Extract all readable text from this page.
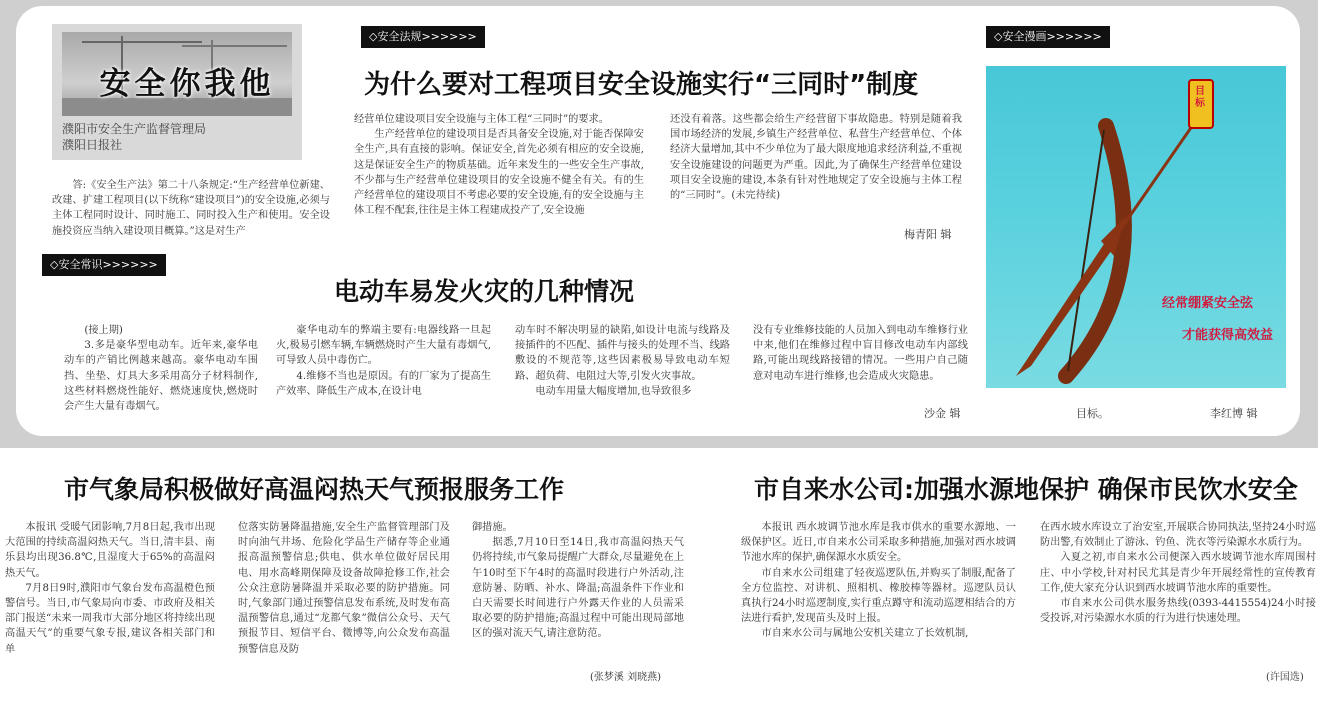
安全你我他
濮阳市安全生产监督管理局
濮阳日报社

答:《安全生产法》第二十八条规定:“生产经营单位新建、改建、扩建工程项目(以下统称“建设项目”)的安全设施,必须与主体工程同时设计、同时施工、同时投入生产和使用。安全设施投资应当纳入建设项目概算。”这是对生产

◇安全法规>>>>>>
为什么要对工程项目安全设施实行“三同时”制度

经营单位建设项目安全设施与主体工程“三同时”的要求。

生产经营单位的建设项目是否具备安全设施,对于能否保障安全生产,具有直接的影响。保证安全,首先必须有相应的安全设施,这是保证安全生产的物质基础。近年来发生的一些安全生产事故,不少都与生产经营单位建设项目的安全设施不健全有关。有的生产经营单位的建设项目不考虑必要的安全设施,有的安全设施与主体工程不配套,往往是主体工程建成投产了,安全设施

还没有着落。这些都会给生产经营留下事故隐患。特别是随着我国市场经济的发展,乡镇生产经营单位、私营生产经营单位、个体经济大量增加,其中不少单位为了最大限度地追求经济利益,不重视安全设施建设的问题更为严重。因此,为了确保生产经营单位建设项目安全设施的建设,本条有针对性地规定了安全设施与主体工程的“三同时”。(未完待续)

梅青阳 辑
◇安全常识>>>>>>
电动车易发火灾的几种情况

(接上期)

3.多是豪华型电动车。近年来,豪华电动车的产销比例越来越高。豪华电动车围挡、坐垫、灯具大多采用高分子材料制作,这些材料燃烧性能好、燃烧速度快,燃烧时会产生大量有毒烟气。

豪华电动车的弊端主要有:电器线路一旦起火,极易引燃车辆,车辆燃烧时产生大量有毒烟气,可导致人员中毒伤亡。

4.维修不当也是原因。有的厂家为了提高生产效率、降低生产成本,在设计电

动车时不解决明显的缺陷,如设计电流与线路及接插件的不匹配、插件与接头的处理不当、线路敷设的不规范等,这些因素极易导致电动车短路、超负荷、电阻过大等,引发火灾事故。

电动车用量大幅度增加,也导致很多

没有专业维修技能的人员加入到电动车维修行业中来,他们在维修过程中盲目修改电动车内部线路,可能出现线路接错的情况。一些用户自己随意对电动车进行维修,也会造成火灾隐患。

沙金 辑
◇安全漫画>>>>>>
目标
经常绷紧安全弦
才能获得高效益
目标。	李红博 辑
市气象局积极做好高温闷热天气预报服务工作

本报讯 受暖气团影响,7月8日起,我市出现大范围的持续高温闷热天气。当日,清丰县、南乐县均出现36.8℃,且湿度大于65%的高温闷热天气。

7月8日9时,濮阳市气象台发布高温橙色预警信号。当日,市气象局向市委、市政府及相关部门报送“未来一周我市大部分地区将持续出现高温天气”的重要气象专报,建议各相关部门和单

位落实防暑降温措施,安全生产监督管理部门及时向油气井场、危险化学品生产储存等企业通报高温预警信息;供电、供水单位做好居民用电、用水高峰期保障及设备故障抢修工作,社会公众注意防暑降温并采取必要的防护措施。同时,气象部门通过预警信息发布系统,及时发布高温预警信息,通过“龙都气象”微信公众号、天气预报节目、短信平台、微博等,向公众发布高温预警信息及防

御措施。

据悉,7月10日至14日,我市高温闷热天气仍将持续,市气象局提醒广大群众,尽量避免在上午10时至下午4时的高温时段进行户外活动,注意防暑、防晒、补水、降温;高温条件下作业和白天需要长时间进行户外露天作业的人员需采取必要的防护措施;高温过程中可能出现局部地区的强对流天气,请注意防范。

(张梦溪 刘晓燕)
市自来水公司:加强水源地保护 确保市民饮水安全

本报讯 西水坡调节池水库是我市供水的重要水源地、一级保护区。近日,市自来水公司采取多种措施,加强对西水坡调节池水库的保护,确保源水水质安全。

市自来水公司组建了轻夜巡逻队伍,并购买了制服,配备了全方位监控、对讲机、照相机、橡胶棒等器材。巡逻队员认真执行24小时巡逻制度,实行重点蹲守和流动巡逻相结合的方法进行看护,发现苗头及时上报。

市自来水公司与属地公安机关建立了长效机制,

在西水坡水库设立了治安室,开展联合协同执法,坚持24小时巡防出警,有效制止了游泳、钓鱼、洗衣等污染源水水质行为。

入夏之初,市自来水公司便深入西水坡调节池水库周围村庄、中小学校,针对村民尤其是青少年开展经常性的宣传教育工作,使大家充分认识到西水坡调节池水库的重要性。

市自来水公司供水服务热线(0393-4415554)24小时接受投诉,对污染源水水质的行为进行快速处理。

(许国选)
